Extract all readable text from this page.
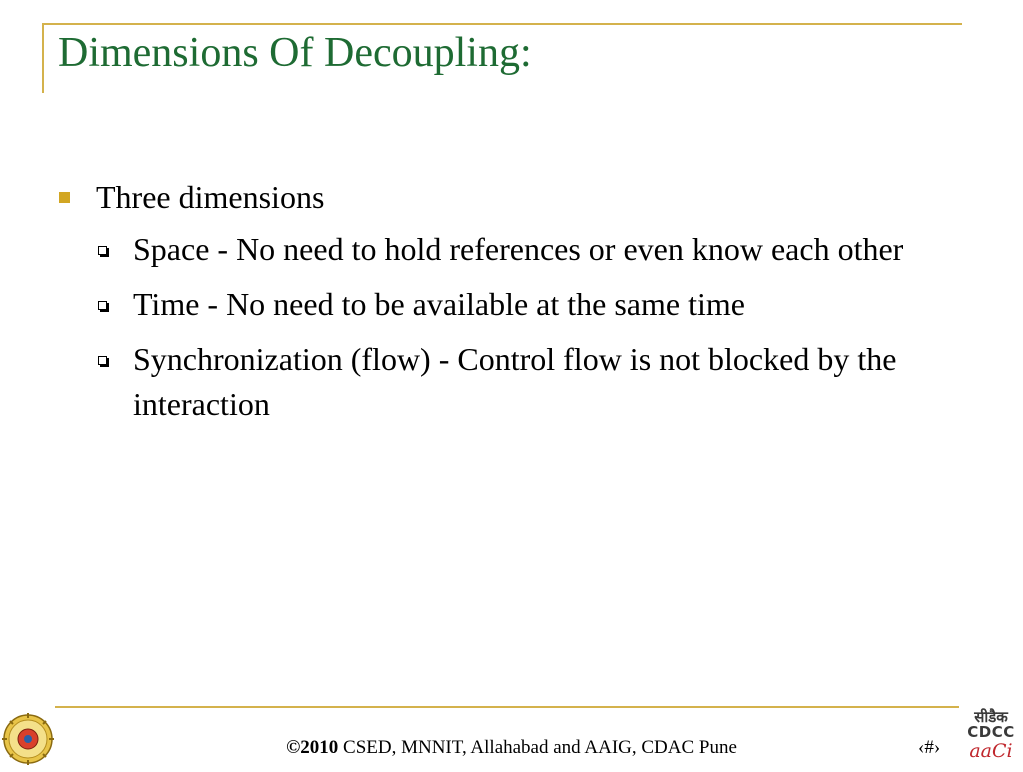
Dimensions Of Decoupling:
Three dimensions
Space - No need to hold references or even know each other
Time - No need to be available at the same time
Synchronization (flow) - Control flow is not blocked by the interaction
©2010 CSED, MNNIT, Allahabad and AAIG, CDAC Pune	‹#›
सीडैक
CDCC
aaCi
